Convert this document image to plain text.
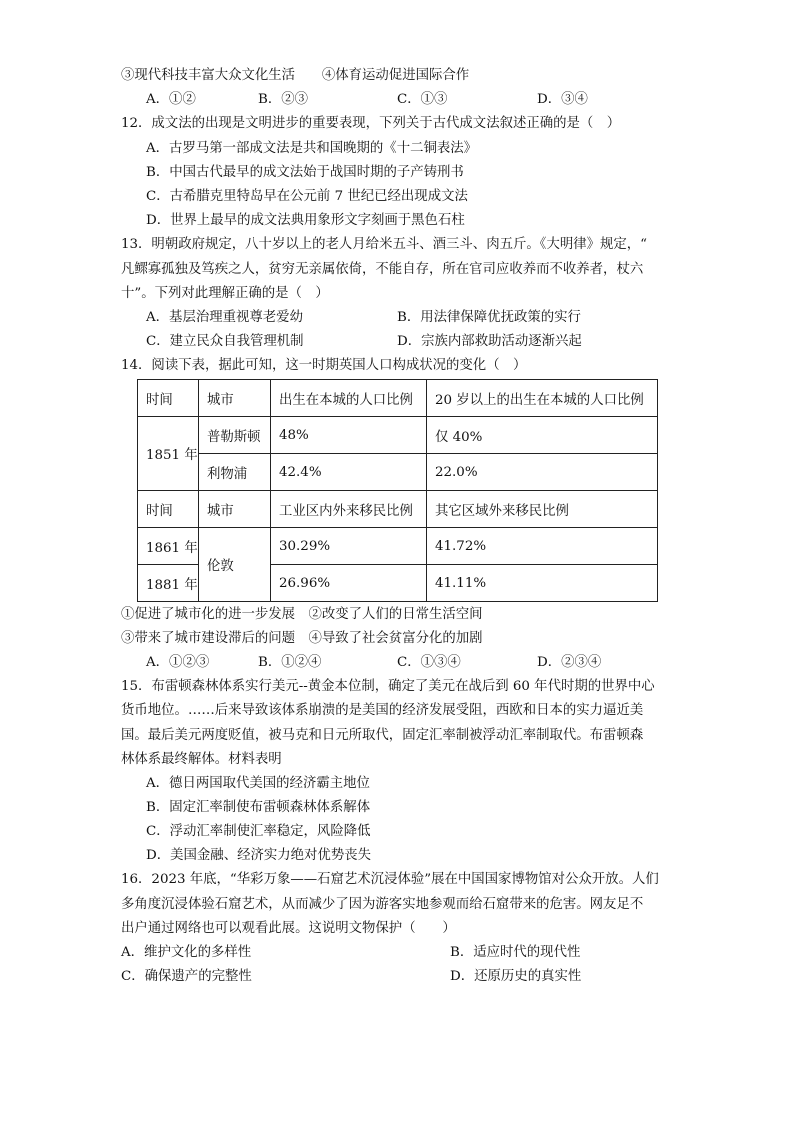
③现代科技丰富大众文化生活　　④体育运动促进国际合作
A．①②	B．②③	C．①③	D．③④
12．成文法的出现是文明进步的重要表现，下列关于古代成文法叙述正确的是（　）
A．古罗马第一部成文法是共和国晚期的《十二铜表法》
B．中国古代最早的成文法始于战国时期的子产铸刑书
C．古希腊克里特岛早在公元前 7 世纪已经出现成文法
D．世界上最早的成文法典用象形文字刻画于黑色石柱
13．明朝政府规定，八十岁以上的老人月给米五斗、酒三斗、肉五斤。《大明律》规定，“
凡鳏寡孤独及笃疾之人，贫穷无亲属依倚，不能自存，所在官司应收养而不收养者，杖六
十”。下列对此理解正确的是（　）
A．基层治理重视尊老爱幼	B．用法律保障优抚政策的实行
C．建立民众自我管理机制	D．宗族内部救助活动逐渐兴起
14．阅读下表，据此可知，这一时期英国人口构成状况的变化（　）
时间	城市	出生在本城的人口比例	20 岁以上的出生在本城的人口比例
1851 年	普勒斯顿	48%	仅 40%
	利物浦	42.4%	22.0%
时间	城市	工业区内外来移民比例	其它区域外来移民比例
1861 年	伦敦	30.29%	41.72%
1881 年		26.96%	41.11%
①促进了城市化的进一步发展　②改变了人们的日常生活空间
③带来了城市建设滞后的问题　④导致了社会贫富分化的加剧
A．①②③	B．①②④	C．①③④	D．②③④
15．布雷顿森林体系实行美元--黄金本位制，确定了美元在战后到 60 年代时期的世界中心
货币地位。……后来导致该体系崩溃的是美国的经济发展受阻，西欧和日本的实力逼近美
国。最后美元两度贬值，被马克和日元所取代，固定汇率制被浮动汇率制取代。布雷顿森
林体系最终解体。材料表明
A．德日两国取代美国的经济霸主地位
B．固定汇率制使布雷顿森林体系解体
C．浮动汇率制使汇率稳定，风险降低
D．美国金融、经济实力绝对优势丧失
16．2023 年底，“华彩万象——石窟艺术沉浸体验”展在中国国家博物馆对公众开放。人们
多角度沉浸体验石窟艺术，从而减少了因为游客实地参观而给石窟带来的危害。网友足不
出户通过网络也可以观看此展。这说明文物保护（　　）
A．维护文化的多样性	B．适应时代的现代性
C．确保遗产的完整性	D．还原历史的真实性
